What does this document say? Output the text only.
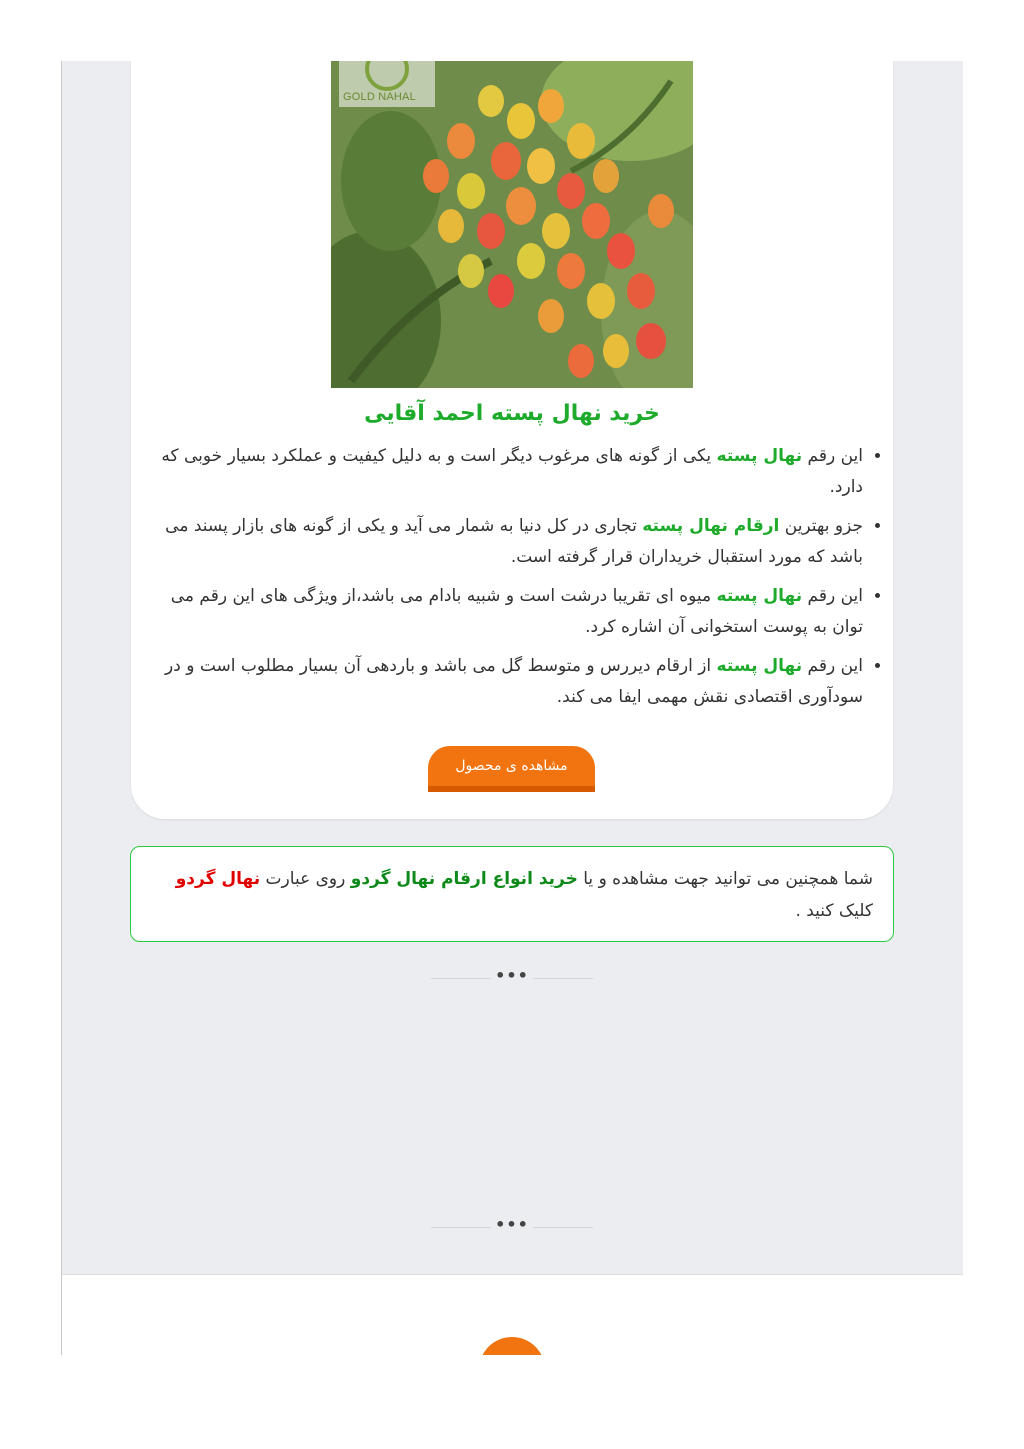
GOLD NAHAL
خرید نهال پسته احمد آقایی
• این رقم نهال پسته یکی از گونه های مرغوب دیگر است و به دلیل کیفیت و عملکرد بسیار خوبی که دارد.
• جزو بهترین ارقام نهال پسته تجاری در کل دنیا به شمار می آید و یکی از گونه های بازار پسند می باشد که مورد استقبال خریداران قرار گرفته است.
• این رقم نهال پسته میوه ای تقریبا درشت است و شبیه بادام می باشد،از ویژگی های این رقم می توان به پوست استخوانی آن اشاره کرد.
• این رقم نهال پسته از ارقام دیررس و متوسط گل می باشد و باردهی آن بسیار مطلوب است و در سودآوری اقتصادی نقش مهمی ایفا می کند.
مشاهده ی محصول
شما همچنین می توانید جهت مشاهده و یا خرید انواع ارقام نهال گردو روی عبارت نهال گردو کلیک کنید .
•••
•••
